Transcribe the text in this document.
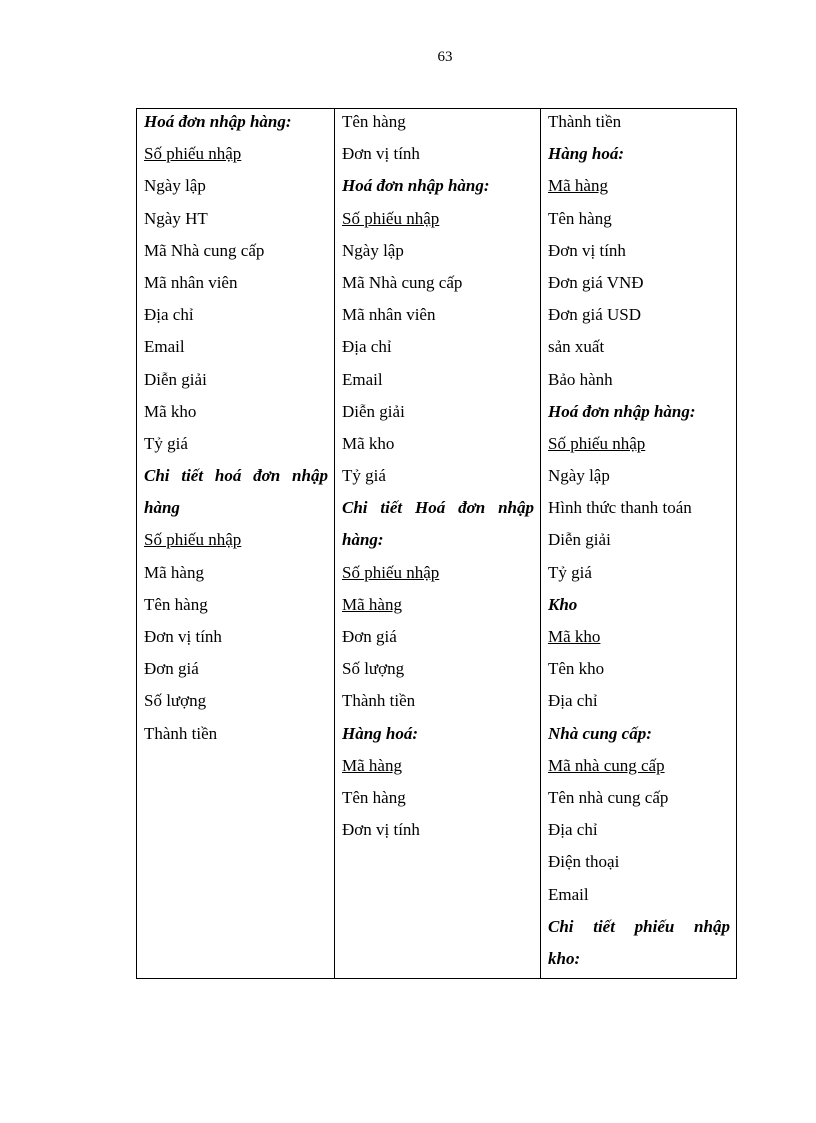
63
Hoá đơn nhập hàng:
Số phiếu nhập
Ngày lập
Ngày HT
Mã Nhà cung cấp
Mã nhân viên
Địa chỉ
Email
Diễn giải
Mã kho
Tỷ giá
Chi tiết hoá đơn nhập
hàng
Số phiếu nhập
Mã hàng
Tên hàng
Đơn vị tính
Đơn giá
Số lượng
Thành tiền
Tên hàng
Đơn vị tính
Hoá đơn nhập hàng:
Số phiếu nhập
Ngày lập
Mã Nhà cung cấp
Mã nhân viên
Địa chỉ
Email
Diễn giải
Mã kho
Tỷ giá
Chi tiết Hoá đơn nhập
hàng:
Số phiếu nhập
Mã hàng
Đơn giá
Số lượng
Thành tiền
Hàng hoá:
Mã hàng
Tên hàng
Đơn vị tính
Thành tiền
Hàng hoá:
Mã hàng
Tên hàng
Đơn vị tính
Đơn giá VNĐ
Đơn giá USD
sản xuất
Bảo hành
Hoá đơn nhập hàng:
Số phiếu nhập
Ngày lập
Hình thức thanh toán
Diễn giải
Tỷ giá
Kho
Mã kho
Tên kho
Địa chỉ
Nhà cung cấp:
Mã nhà cung cấp
Tên nhà cung cấp
Địa chỉ
Điện thoại
Email
Chi tiết phiếu nhập
kho:
